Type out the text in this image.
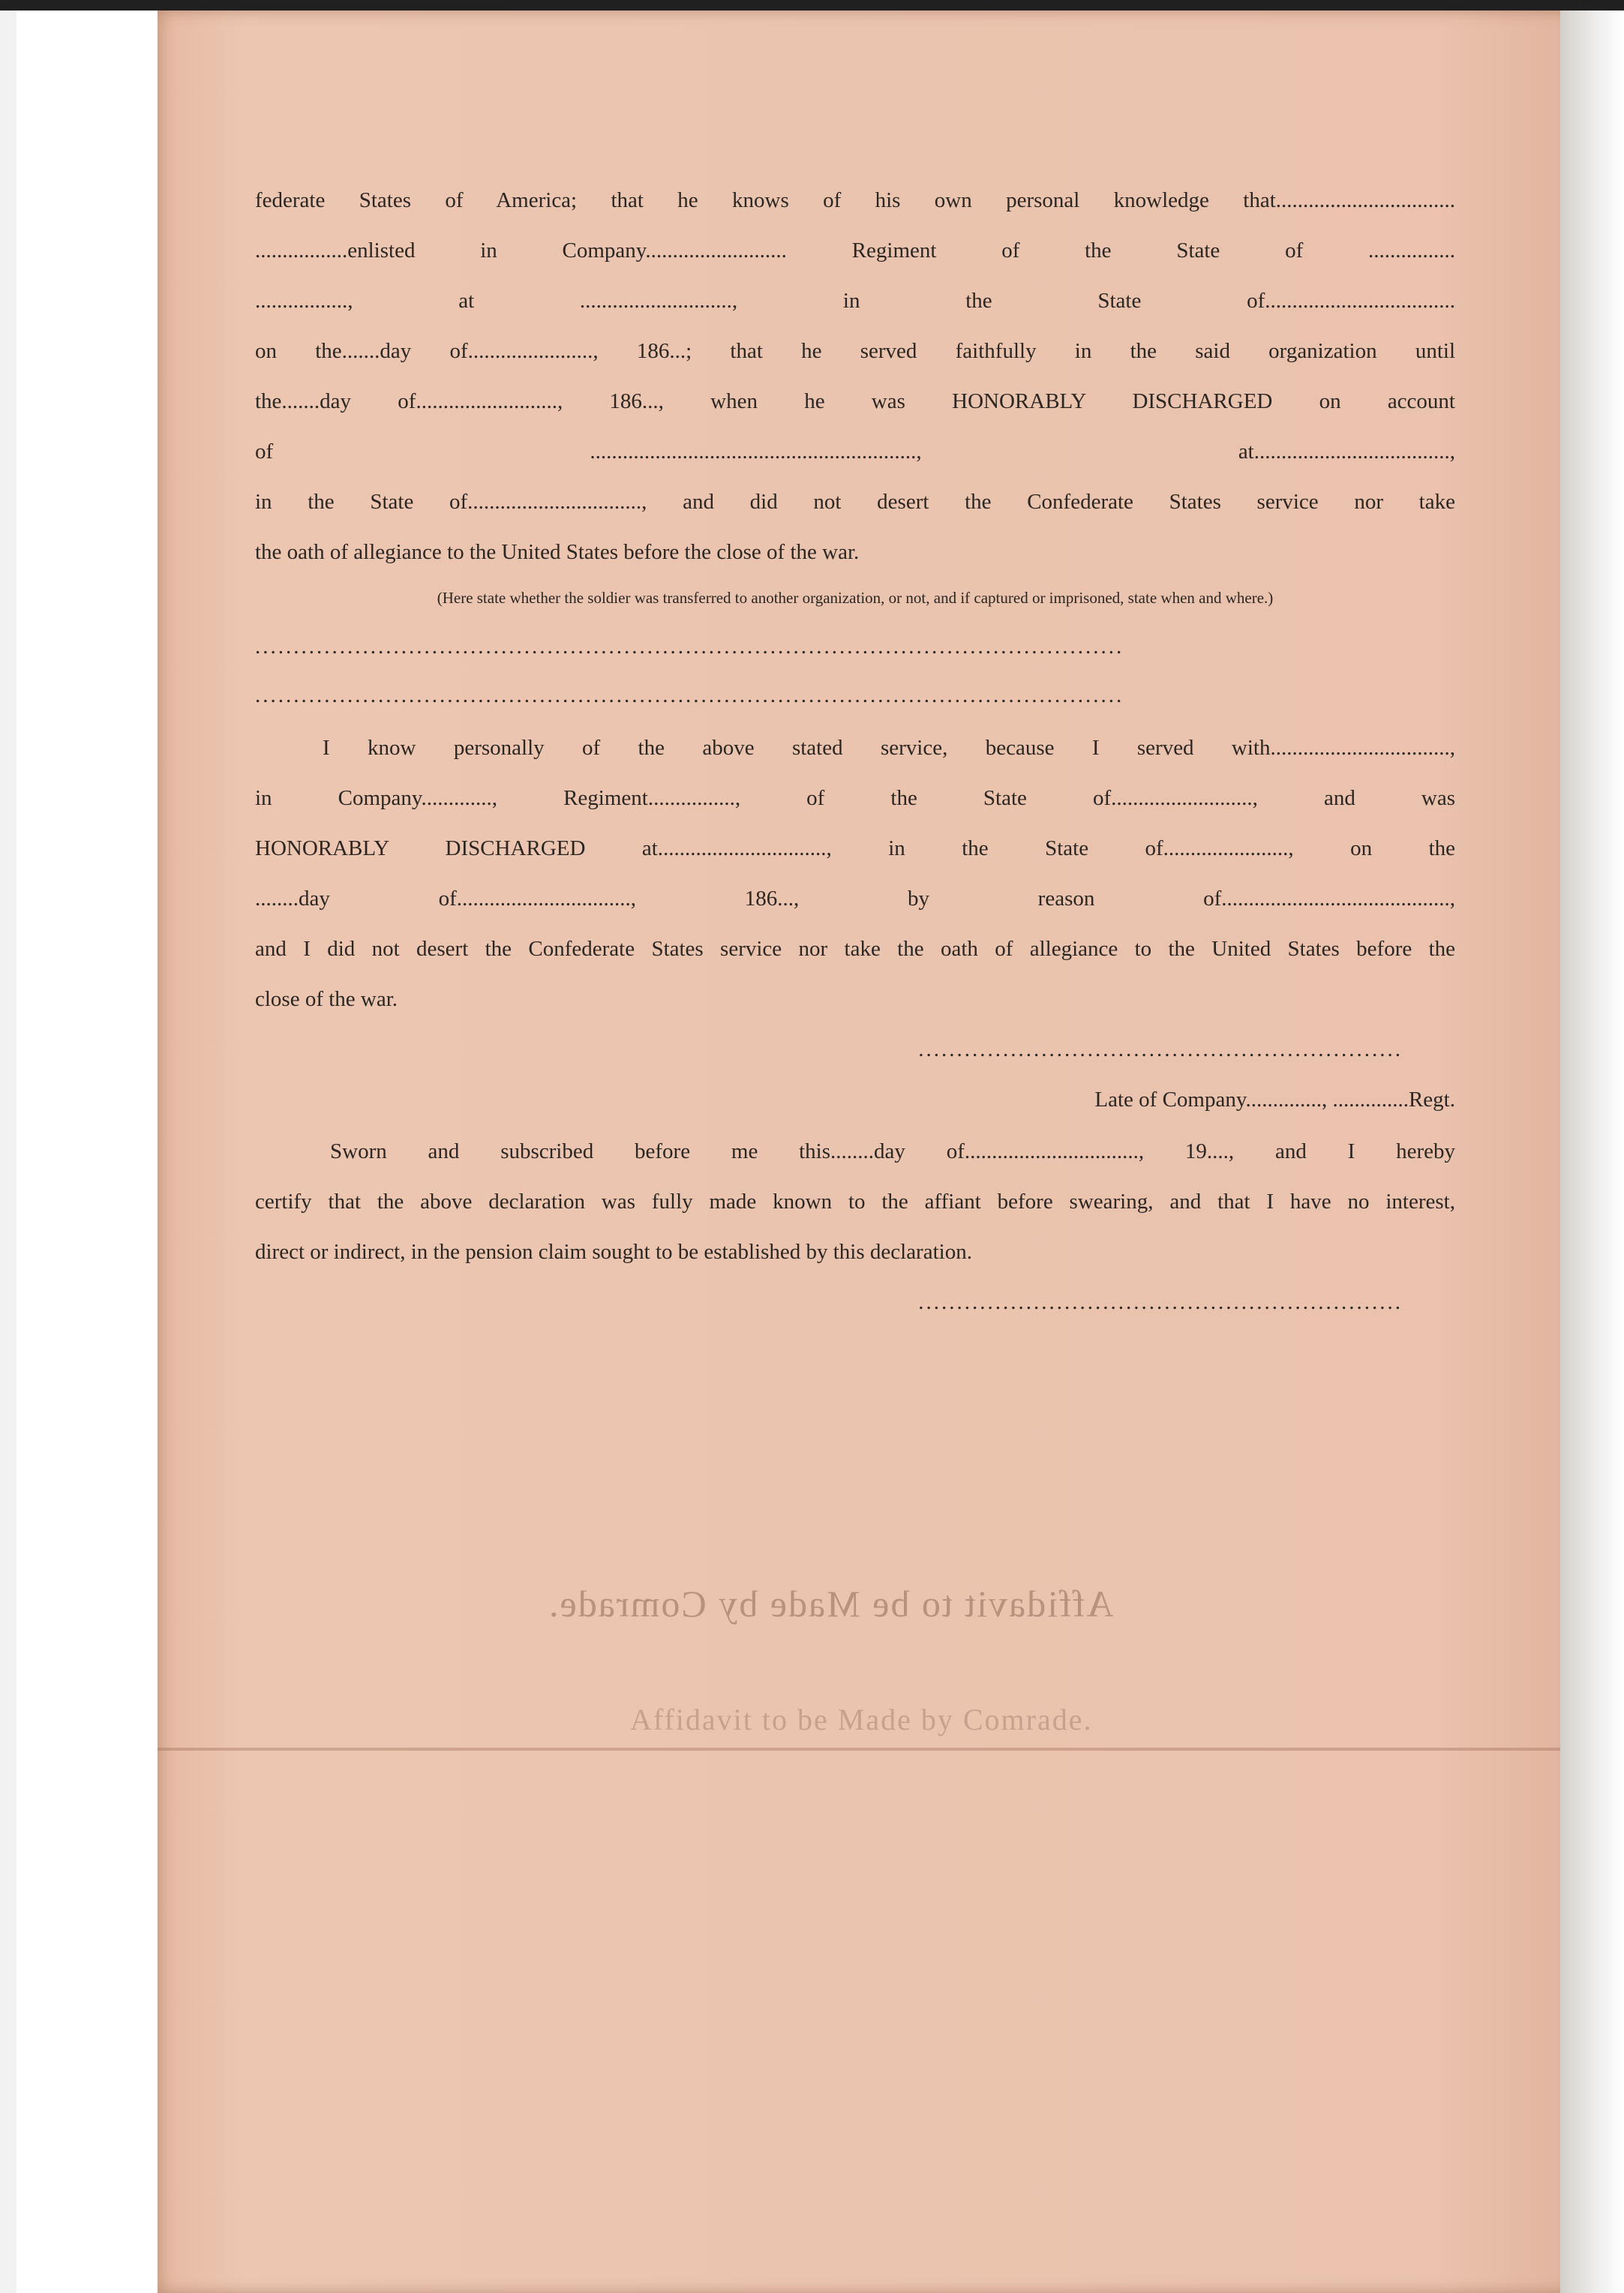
Affidavit to be Made by Comrade.
Affidavit to be Made by Comrade.
federate States of America; that he knows of his own personal knowledge that.................................
.................enlisted in Company.......................... Regiment of the State of ................
................., at ............................, in the State of...................................
on the.......day of......................., 186...; that he served faithfully in the said organization until
the.......day of.........................., 186..., when he was HONORABLY DISCHARGED on account
of ............................................................, at....................................,
in the State of................................, and did not desert the Confederate States service nor take
the oath of allegiance to the United States before the close of the war.
(Here state whether the soldier was transferred to another organization, or not, and if captured or imprisoned, state when and where.)
.................................................................................................................
.................................................................................................................
I know personally of the above stated service, because I served with.................................,
in Company............., Regiment................, of the State of.........................., and was
HONORABLY DISCHARGED at..............................., in the State of......................., on the
........day of................................, 186..., by reason of..........................................,
and I did not desert the Confederate States service nor take the oath of allegiance to the United States before the
close of the war.
...............................................................
Late of Company.............., ..............Regt.
Sworn and subscribed before me this........day of................................, 19...., and I hereby
certify that the above declaration was fully made known to the affiant before swearing, and that I have no interest,
direct or indirect, in the pension claim sought to be established by this declaration.
...............................................................
